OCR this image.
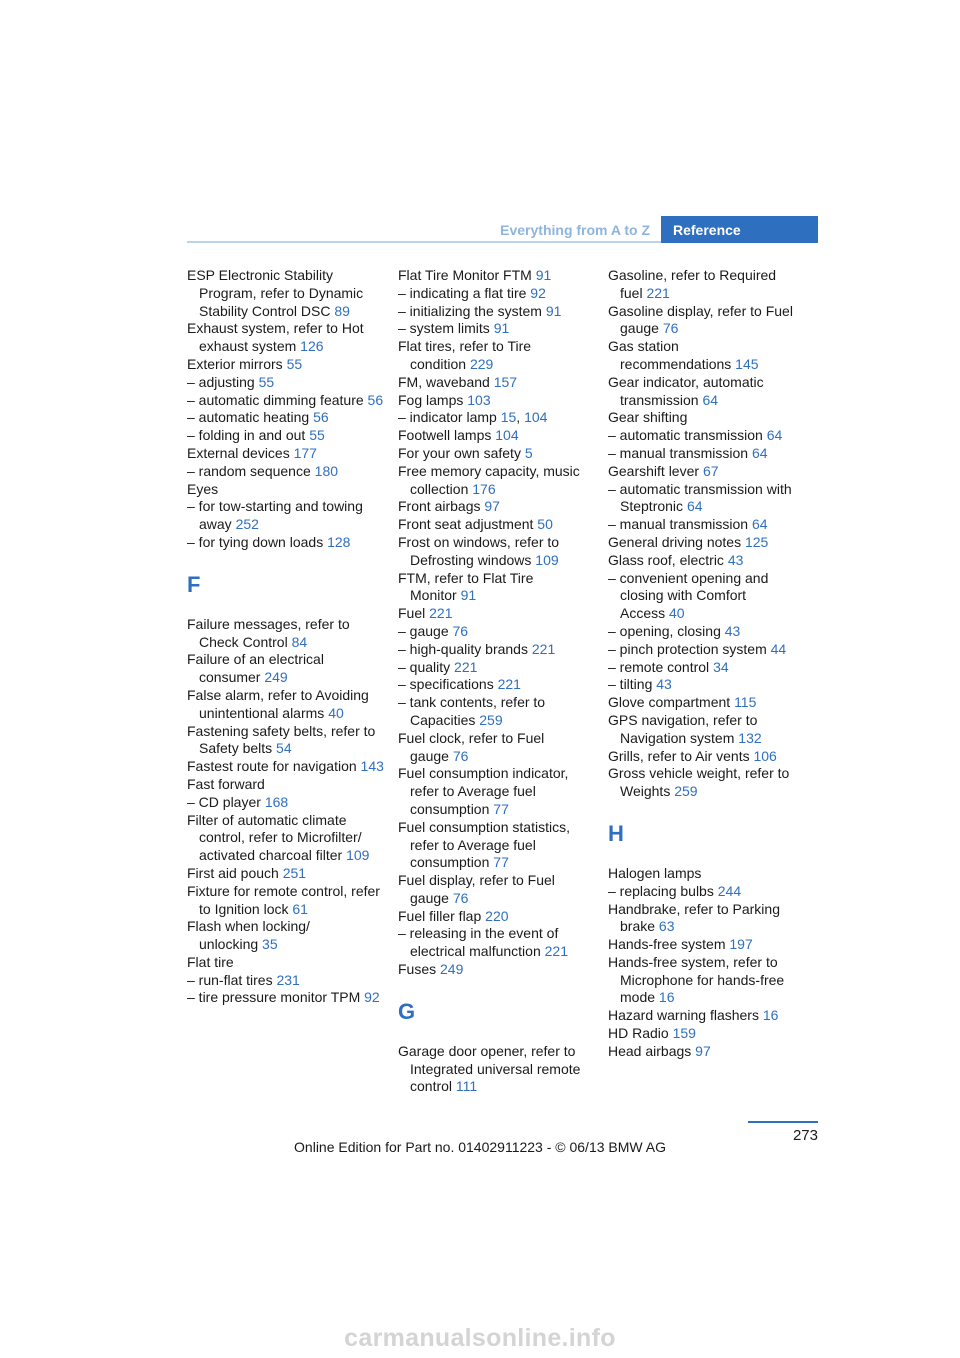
Everything from A to Z	Reference
ESP Electronic Stability Program, refer to Dynamic Stability Control DSC 89
Exhaust system, refer to Hot exhaust system 126
Exterior mirrors 55
– adjusting 55
– automatic dimming feature 56
– automatic heating 56
– folding in and out 55
External devices 177
– random sequence 180
Eyes
– for tow-starting and towing away 252
– for tying down loads 128
F
Failure messages, refer to Check Control 84
Failure of an electrical consumer 249
False alarm, refer to Avoiding unintentional alarms 40
Fastening safety belts, refer to Safety belts 54
Fastest route for navigation 143
Fast forward
– CD player 168
Filter of automatic climate control, refer to Microfilter/ activated charcoal filter 109
First aid pouch 251
Fixture for remote control, refer to Ignition lock 61
Flash when locking/ unlocking 35
Flat tire
– run-flat tires 231
– tire pressure monitor TPM 92
Flat Tire Monitor FTM 91
– indicating a flat tire 92
– initializing the system 91
– system limits 91
Flat tires, refer to Tire condition 229
FM, waveband 157
Fog lamps 103
– indicator lamp 15, 104
Footwell lamps 104
For your own safety 5
Free memory capacity, music collection 176
Front airbags 97
Front seat adjustment 50
Frost on windows, refer to Defrosting windows 109
FTM, refer to Flat Tire Monitor 91
Fuel 221
– gauge 76
– high-quality brands 221
– quality 221
– specifications 221
– tank contents, refer to Capacities 259
Fuel clock, refer to Fuel gauge 76
Fuel consumption indicator, refer to Average fuel consumption 77
Fuel consumption statistics, refer to Average fuel consumption 77
Fuel display, refer to Fuel gauge 76
Fuel filler flap 220
– releasing in the event of electrical malfunction 221
Fuses 249
G
Garage door opener, refer to Integrated universal remote control 111
Gasoline, refer to Required fuel 221
Gasoline display, refer to Fuel gauge 76
Gas station recommendations 145
Gear indicator, automatic transmission 64
Gear shifting
– automatic transmission 64
– manual transmission 64
Gearshift lever 67
– automatic transmission with Steptronic 64
– manual transmission 64
General driving notes 125
Glass roof, electric 43
– convenient opening and closing with Comfort Access 40
– opening, closing 43
– pinch protection system 44
– remote control 34
– tilting 43
Glove compartment 115
GPS navigation, refer to Navigation system 132
Grills, refer to Air vents 106
Gross vehicle weight, refer to Weights 259
H
Halogen lamps
– replacing bulbs 244
Handbrake, refer to Parking brake 63
Hands-free system 197
Hands-free system, refer to Microphone for hands-free mode 16
Hazard warning flashers 16
HD Radio 159
Head airbags 97
273
Online Edition for Part no. 01402911223 - © 06/13 BMW AG
carmanualsonline.info
